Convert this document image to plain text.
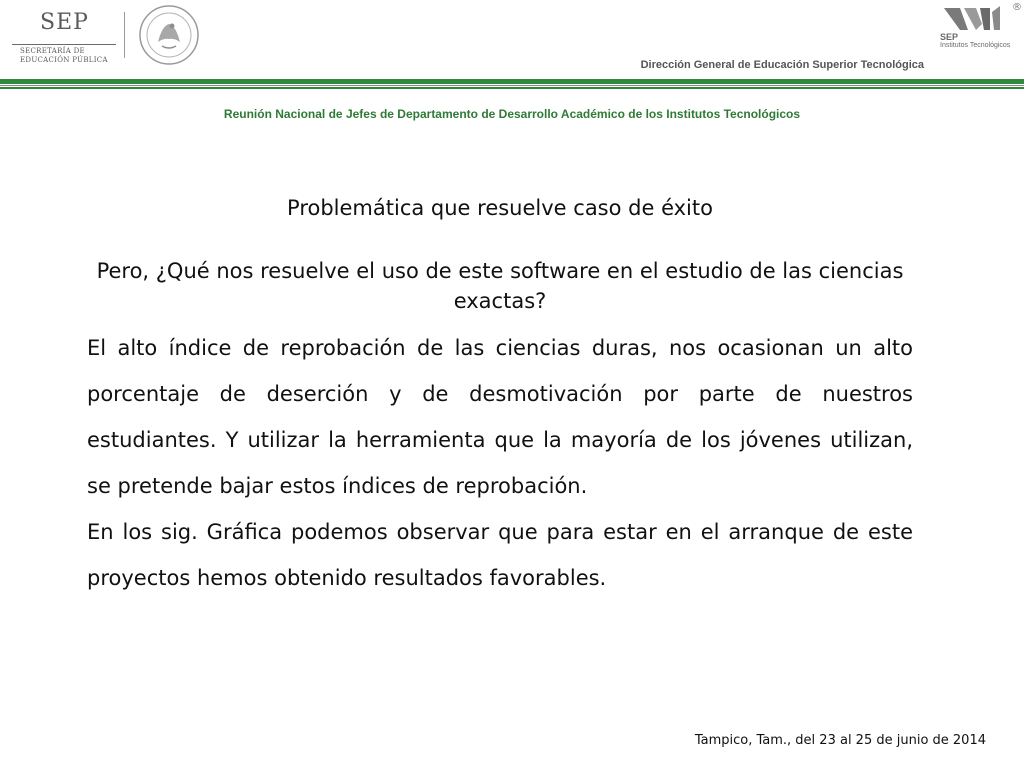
SEP
SECRETARÍA DE
EDUCACIÓN PÚBLICA
®
SEP
Institutos Tecnológicos
Dirección General de Educación Superior Tecnológica
Reunión Nacional de Jefes de Departamento de Desarrollo Académico de los Institutos Tecnológicos
Problemática que resuelve caso de éxito
Pero, ¿Qué nos resuelve el uso de este software en el estudio de las ciencias exactas?

El alto índice de reprobación de las ciencias duras, nos ocasionan un alto porcentaje de deserción y de desmotivación por parte de nuestros estudiantes. Y utilizar la herramienta que la mayoría de los jóvenes utilizan, se pretende bajar estos índices de reprobación.

En los sig. Gráfica podemos observar que para estar en el arranque de este proyectos hemos obtenido resultados favorables.

Tampico, Tam., del 23 al 25 de junio de 2014
